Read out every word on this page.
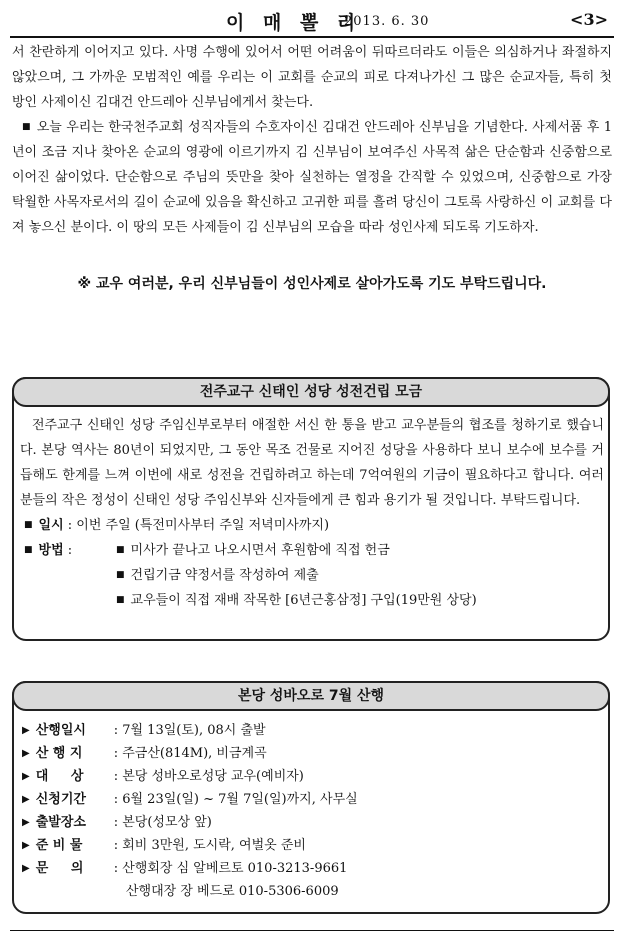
이 매 뽈 리
2013. 6. 30	<3>

서 찬란하게 이어지고 있다. 사명 수행에 있어서 어떤 어려움이 뒤따르더라도 이들은 의심하거나 좌절하지 않았으며, 그 가까운 모범적인 예를 우리는 이 교회를 순교의 피로 다져나가신 그 많은 순교자들, 특히 첫 방인 사제이신 김대건 안드레아 신부님에게서 찾는다.

■ 오늘 우리는 한국천주교회 성직자들의 수호자이신 김대건 안드레아 신부님을 기념한다. 사제서품 후 1년이 조금 지나 찾아온 순교의 영광에 이르기까지 김 신부님이 보여주신 사목적 삶은 단순함과 신중함으로 이어진 삶이었다. 단순함으로 주님의 뜻만을 찾아 실천하는 열정을 간직할 수 있었으며, 신중함으로 가장 탁월한 사목자로서의 길이 순교에 있음을 확신하고 고귀한 피를 흘려 당신이 그토록 사랑하신 이 교회를 다져 놓으신 분이다. 이 땅의 모든 사제들이 김 신부님의 모습을 따라 성인사제 되도록 기도하자.

※ 교우 여러분, 우리 신부님들이 성인사제로 살아가도록 기도 부탁드립니다.
전주교구 신태인 성당 성전건립 모금

전주교구 신태인 성당 주임신부로부터 애절한 서신 한 통을 받고 교우분들의 협조를 청하기로 했습니다. 본당 역사는 80년이 되었지만, 그 동안 목조 건물로 지어진 성당을 사용하다 보니 보수에 보수를 거듭해도 한계를 느껴 이번에 새로 성전을 건립하려고 하는데 7억여원의 기금이 필요하다고 합니다. 여러분들의 작은 정성이 신태인 성당 주임신부와 신자들에게 큰 힘과 용기가 될 것입니다. 부탁드립니다.

■ 일시 : 이번 주일 (특전미사부터 주일 저녁미사까지)
■ 방법 :	■ 미사가 끝나고 나오시면서 후원함에 직접 헌금
■ 건립기금 약정서를 작성하여 제출
■ 교우들이 직접 재배 작목한 [6년근홍삼정] 구입(19만원 상당)
본당 성바오로 7월 산행
▶ 산행일시 : 7월 13일(토), 08시 출발
▶ 산 행 지 : 주금산(814M), 비금계곡
▶ 대     상 : 본당 성바오로성당 교우(예비자)
▶ 신청기간 : 6월 23일(일) ~ 7월 7일(일)까지, 사무실
▶ 출발장소 : 본당(성모상 앞)
▶ 준 비 물 : 회비 3만원, 도시락, 여벌옷 준비
▶ 문     의 : 산행회장 심 알베르토 010-3213-9661
산행대장 장 베드로 010-5306-6009
